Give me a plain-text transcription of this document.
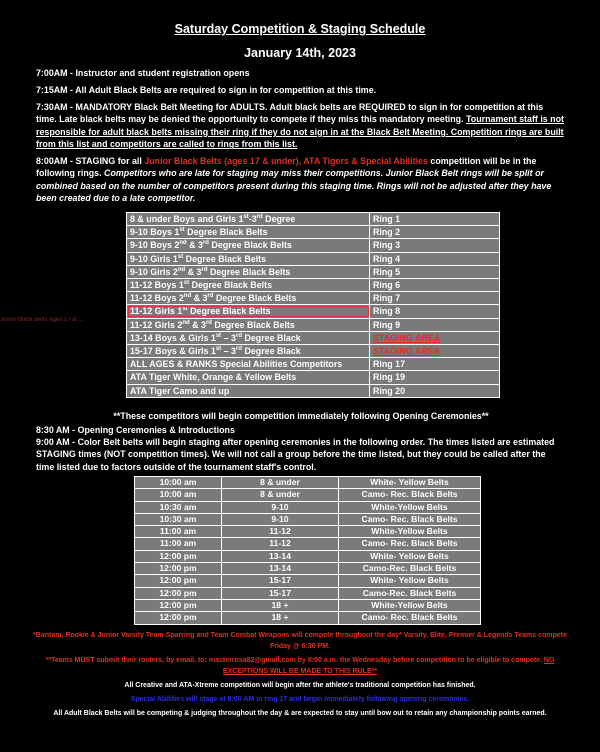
Saturday Competition & Staging Schedule
January 14th, 2023
7:00AM - Instructor and student registration opens
7:15AM - All Adult Black Belts are required to sign in for competition at this time.
7:30AM - MANDATORY Black Belt Meeting for ADULTS. Adult black belts are REQUIRED to sign in for competition at this time. Late black belts may be denied the opportunity to compete if they miss this mandatory meeting. Tournament staff is not responsible for adult black belts missing their ring if they do not sign in at the Black Belt Meeting. Competition rings are built from this list and competitors are called to rings from this list.
8:00AM - STAGING for all Junior Black Belts (ages 17 & under), ATA Tigers & Special Abilities competition will be in the following rings. Competitors who are late for staging may miss their competitions. Junior Black Belt rings will be split or combined based on the number of competitors present during this staging time. Rings will not be adjusted after they have been created due to a late competitor.
Junior Black Belts ages 17 & ...
8 & under Boys and Girls 1st-3rd Degree	Ring 1
9-10 Boys 1st Degree Black Belts	Ring 2
9-10 Boys 2nd & 3rd Degree Black Belts	Ring 3
9-10 Girls 1st Degree Black Belts	Ring 4
9-10 Girls 2nd & 3rd Degree Black Belts	Ring 5
11-12 Boys 1st Degree Black Belts	Ring 6
11-12 Boys 2nd & 3rd Degree Black Belts	Ring 7
11-12 Girls 1st Degree Black Belts	Ring 8
11-12 Girls 2nd & 3rd Degree Black Belts	Ring 9
13-14 Boys & Girls 1st – 3rd Degree Black	STAGING AREA
15-17 Boys & Girls 1st – 3rd Degree Black	STAGING AREA
ALL AGES & RANKS Special Abilities Competitors	Ring 17
ATA Tiger White, Orange & Yellow Belts	Ring 19
ATA Tiger Camo and up	Ring 20
**These competitors will begin competition immediately following Opening Ceremonies**
8:30 AM - Opening Ceremonies & Introductions
9:00 AM - Color Belt belts will begin staging after opening ceremonies in the following order. The times listed are estimated STAGING times (NOT competition times). We will not call a group before the time listed, but they could be called after the time listed due to factors outside of the tournament staff's control.
10:00 am	8 & under	White- Yellow Belts
10:00 am	8 & under	Camo- Rec. Black Belts
10:30 am	9-10	White-Yellow Belts
10:30 am	9-10	Camo- Rec. Black Belts
11:00 am	11-12	White-Yellow Belts
11:00 am	11-12	Camo- Rec. Black Belts
12:00 pm	13-14	White- Yellow Belts
12:00 pm	13-14	Camo-Rec. Black Belts
12:00 pm	15-17	White- Yellow Belts
12:00 pm	15-17	Camo-Rec. Black Belts
12:00 pm	18 +	White-Yellow Belts
12:00 pm	18 +	Camo- Rec. Black Belts
*Bantam, Rookie & Junior Varsity Team Sparring and Team Combat Weapons will compete throughout the day* Varsity, Elite, Premier & Legends Teams compete Friday @ 6:30 PM.
**Teams MUST submit their rosters, by email, to: masterrosa82@gmail.com by 8:00 a.m. the Wednesday before competition to be eligible to compete. NO EXCEPTIONS WILL BE MADE TO THIS RULE**
All Creative and ATA-Xtreme competition will begin after the athlete's traditional competition has finished.
Special Abilities will stage at 8:00 AM in ring 17 and begin immediately following opening ceremonies.
All Adult Black Belts will be competing & judging throughout the day & are expected to stay until bow out to retain any championship points earned.
